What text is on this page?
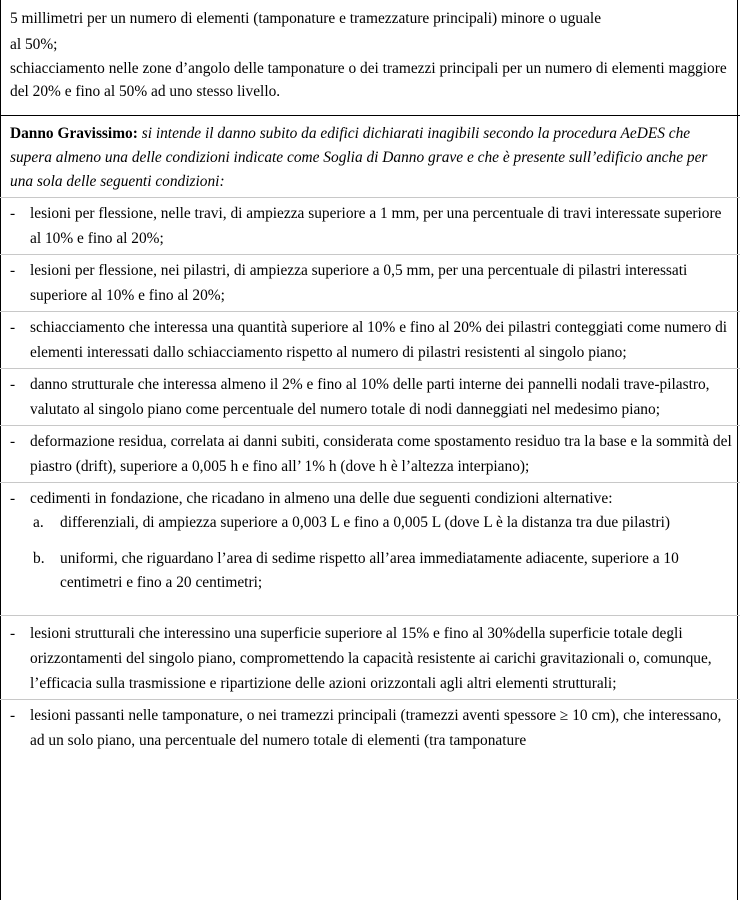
5 millimetri per un numero di elementi (tamponature e tramezzature principali) minore o uguale

al 50%;

schiacciamento nelle zone d’angolo delle tamponature o dei tramezzi principali per un numero di elementi maggiore del 20% e fino al 50% ad uno stesso livello.

Danno Gravissimo: si intende il danno subito da edifici dichiarati inagibili secondo la procedura AeDES che supera almeno una delle condizioni indicate come Soglia di Danno grave e che è presente sull’edificio anche per una sola delle seguenti condizioni:

- lesioni per flessione, nelle travi, di ampiezza superiore a 1 mm, per una percentuale di travi interessate superiore al 10% e fino al 20%;
- lesioni per flessione, nei pilastri, di ampiezza superiore a 0,5 mm, per una percentuale di pilastri interessati superiore al 10% e fino al 20%;
- schiacciamento che interessa una quantità superiore al 10% e fino al 20% dei pilastri conteggiati come numero di elementi interessati dallo schiacciamento rispetto al numero di pilastri resistenti al singolo piano;
- danno strutturale che interessa almeno il 2% e fino al 10% delle parti interne dei pannelli nodali trave-pilastro, valutato al singolo piano come percentuale del numero totale di nodi danneggiati nel medesimo piano;
- deformazione residua, correlata ai danni subiti, considerata come spostamento residuo tra la base e la sommità del piastro (drift), superiore a 0,005 h e fino all’ 1% h (dove h è l’altezza interpiano);
- cedimenti in fondazione, che ricadano in almeno una delle due seguenti condizioni alternative:
a. differenziali, di ampiezza superiore a 0,003 L e fino a 0,005 L (dove L è la distanza tra due pilastri)
b. uniformi, che riguardano l’area di sedime rispetto all’area immediatamente adiacente, superiore a 10 centimetri e fino a 20 centimetri;
- lesioni strutturali che interessino una superficie superiore al 15% e fino al 30%della superficie totale degli orizzontamenti del singolo piano, compromettendo la capacità resistente ai carichi gravitazionali o, comunque, l’efficacia sulla trasmissione e ripartizione delle azioni orizzontali agli altri elementi strutturali;
- lesioni passanti nelle tamponature, o nei tramezzi principali (tramezzi aventi spessore ≥ 10 cm), che interessano, ad un solo piano, una percentuale del numero totale di elementi (tra tamponature
